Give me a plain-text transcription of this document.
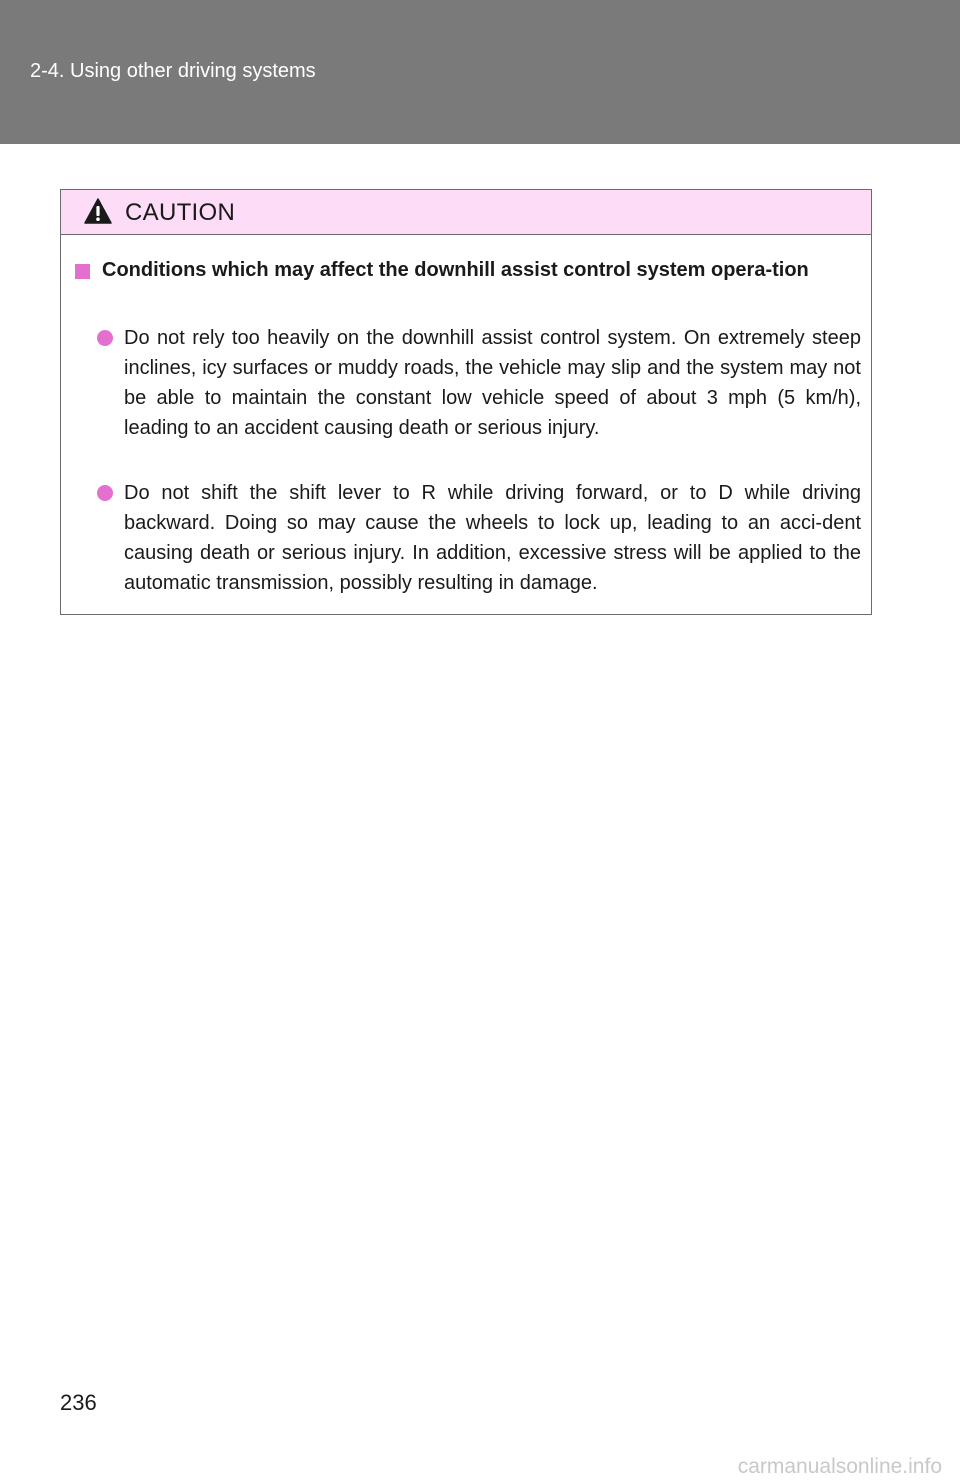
2-4. Using other driving systems
CAUTION
Conditions which may affect the downhill assist control system opera-tion
Do not rely too heavily on the downhill assist control system. On extremely steep inclines, icy surfaces or muddy roads, the vehicle may slip and the system may not be able to maintain the constant low vehicle speed of about 3 mph (5 km/h), leading to an accident causing death or serious injury.
Do not shift the shift lever to R while driving forward, or to D while driving backward. Doing so may cause the wheels to lock up, leading to an acci-dent causing death or serious injury. In addition, excessive stress will be applied to the automatic transmission, possibly resulting in damage.
236
carmanualsonline.info
